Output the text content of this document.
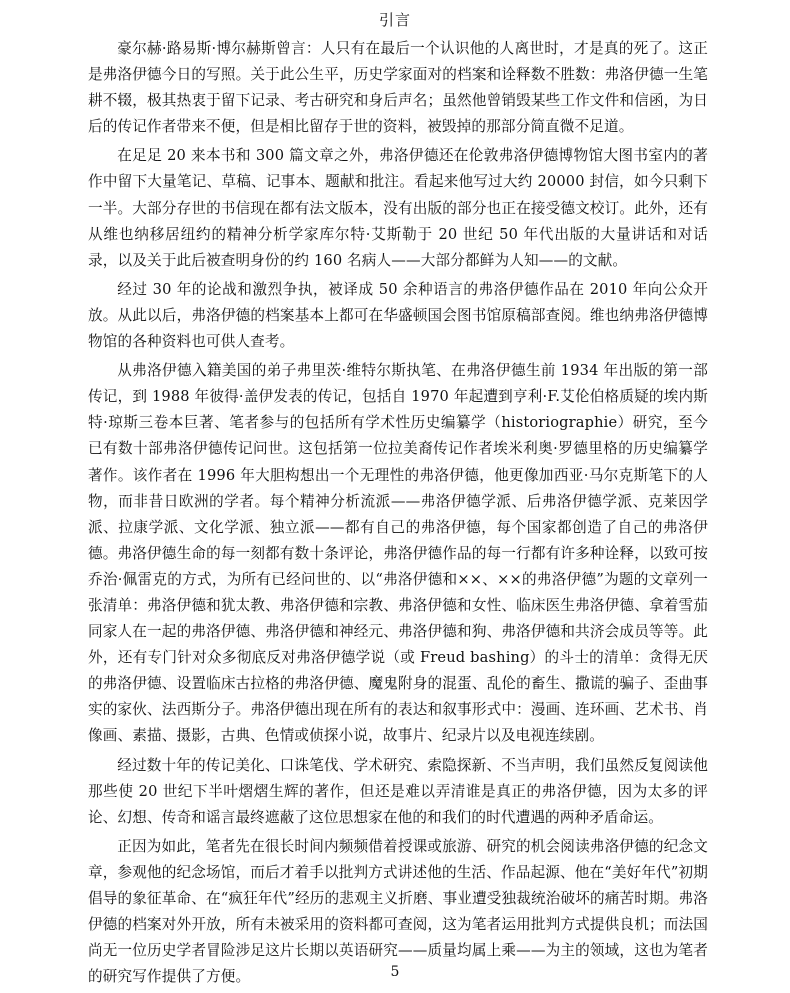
引言

豪尔赫·路易斯·博尔赫斯曾言：人只有在最后一个认识他的人离世时，才是真的死了。这正是弗洛伊德今日的写照。关于此公生平，历史学家面对的档案和诠释数不胜数：弗洛伊德一生笔耕不辍，极其热衷于留下记录、考古研究和身后声名；虽然他曾销毁某些工作文件和信函，为日后的传记作者带来不便，但是相比留存于世的资料，被毁掉的那部分简直微不足道。

在足足 20 来本书和 300 篇文章之外，弗洛伊德还在伦敦弗洛伊德博物馆大图书室内的著作中留下大量笔记、草稿、记事本、题献和批注。看起来他写过大约 20000 封信，如今只剩下一半。大部分存世的书信现在都有法文版本，没有出版的部分也正在接受德文校订。此外，还有从维也纳移居纽约的精神分析学家库尔特·艾斯勒于 20 世纪 50 年代出版的大量讲话和对话录，以及关于此后被查明身份的约 160 名病人——大部分都鲜为人知——的文献。

经过 30 年的论战和激烈争执，被译成 50 余种语言的弗洛伊德作品在 2010 年向公众开放。从此以后，弗洛伊德的档案基本上都可在华盛顿国会图书馆原稿部查阅。维也纳弗洛伊德博物馆的各种资料也可供人查考。

从弗洛伊德入籍美国的弟子弗里茨·维特尔斯执笔、在弗洛伊德生前 1934 年出版的第一部传记，到 1988 年彼得·盖伊发表的传记，包括自 1970 年起遭到亨利·F.艾伦伯格质疑的埃内斯特·琼斯三卷本巨著、笔者参与的包括所有学术性历史编纂学（historiographie）研究，至今已有数十部弗洛伊德传记问世。这包括第一位拉美裔传记作者埃米利奥·罗德里格的历史编纂学著作。该作者在 1996 年大胆构想出一个无理性的弗洛伊德，他更像加西亚·马尔克斯笔下的人物，而非昔日欧洲的学者。每个精神分析流派——弗洛伊德学派、后弗洛伊德学派、克莱因学派、拉康学派、文化学派、独立派——都有自己的弗洛伊德，每个国家都创造了自己的弗洛伊德。弗洛伊德生命的每一刻都有数十条评论，弗洛伊德作品的每一行都有许多种诠释，以致可按乔治·佩雷克的方式，为所有已经问世的、以“弗洛伊德和××、××的弗洛伊德”为题的文章列一张清单：弗洛伊德和犹太教、弗洛伊德和宗教、弗洛伊德和女性、临床医生弗洛伊德、拿着雪茄同家人在一起的弗洛伊德、弗洛伊德和神经元、弗洛伊德和狗、弗洛伊德和共济会成员等等。此外，还有专门针对众多彻底反对弗洛伊德学说（或 Freud bashing）的斗士的清单：贪得无厌的弗洛伊德、设置临床古拉格的弗洛伊德、魔鬼附身的混蛋、乱伦的畜生、撒谎的骗子、歪曲事实的家伙、法西斯分子。弗洛伊德出现在所有的表达和叙事形式中：漫画、连环画、艺术书、肖像画、素描、摄影，古典、色情或侦探小说，故事片、纪录片以及电视连续剧。

经过数十年的传记美化、口诛笔伐、学术研究、索隐探新、不当声明，我们虽然反复阅读他那些使 20 世纪下半叶熠熠生辉的著作，但还是难以弄清谁是真正的弗洛伊德，因为太多的评论、幻想、传奇和谣言最终遮蔽了这位思想家在他的和我们的时代遭遇的两种矛盾命运。

正因为如此，笔者先在很长时间内频频借着授课或旅游、研究的机会阅读弗洛伊德的纪念文章，参观他的纪念场馆，而后才着手以批判方式讲述他的生活、作品起源、他在“美好年代”初期倡导的象征革命、在“疯狂年代”经历的悲观主义折磨、事业遭受独裁统治破坏的痛苦时期。弗洛伊德的档案对外开放，所有未被采用的资料都可查阅，这为笔者运用批判方式提供良机；而法国尚无一位历史学者冒险涉足这片长期以英语研究——质量均属上乘——为主的领域，这也为笔者的研究写作提供了方便。	5
